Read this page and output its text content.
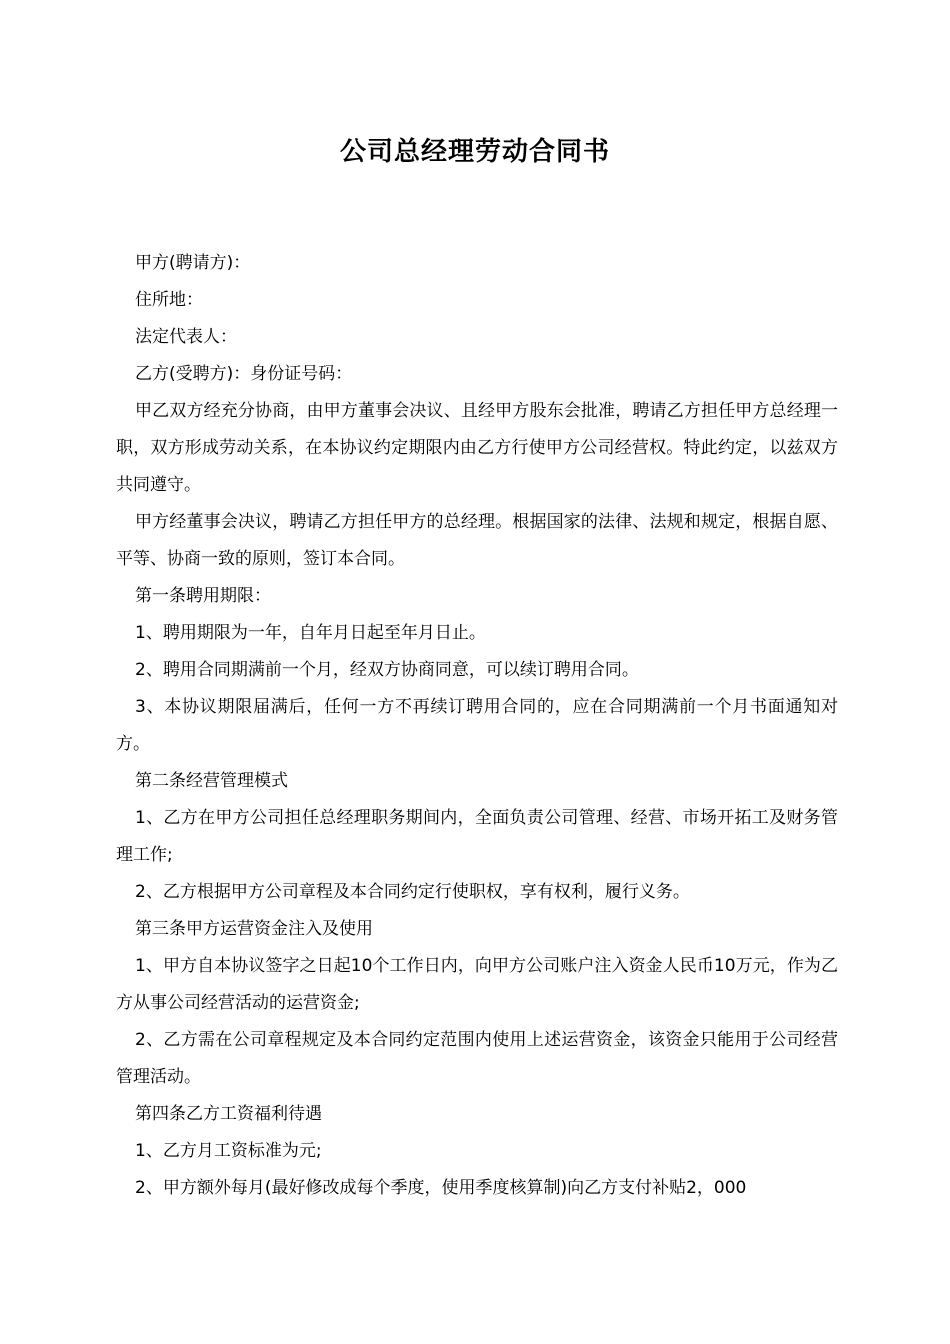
公司总经理劳动合同书

甲方(聘请方)：

住所地：

法定代表人：

乙方(受聘方)：身份证号码：

甲乙双方经充分协商，由甲方董事会决议、且经甲方股东会批准，聘请乙方担任甲方总经理一职，双方形成劳动关系，在本协议约定期限内由乙方行使甲方公司经营权。特此约定，以兹双方共同遵守。

甲方经董事会决议，聘请乙方担任甲方的总经理。根据国家的法律、法规和规定，根据自愿、平等、协商一致的原则，签订本合同。

第一条聘用期限：

1、聘用期限为一年，自年月日起至年月日止。

2、聘用合同期满前一个月，经双方协商同意，可以续订聘用合同。

3、本协议期限届满后，任何一方不再续订聘用合同的，应在合同期满前一个月书面通知对方。

第二条经营管理模式

1、乙方在甲方公司担任总经理职务期间内，全面负责公司管理、经营、市场开拓工及财务管理工作;

2、乙方根据甲方公司章程及本合同约定行使职权，享有权利，履行义务。

第三条甲方运营资金注入及使用

1、甲方自本协议签字之日起10个工作日内，向甲方公司账户注入资金人民币10万元，作为乙方从事公司经营活动的运营资金;

2、乙方需在公司章程规定及本合同约定范围内使用上述运营资金，该资金只能用于公司经营管理活动。

第四条乙方工资福利待遇

1、乙方月工资标准为元;

2、甲方额外每月(最好修改成每个季度，使用季度核算制)向乙方支付补贴2，000
